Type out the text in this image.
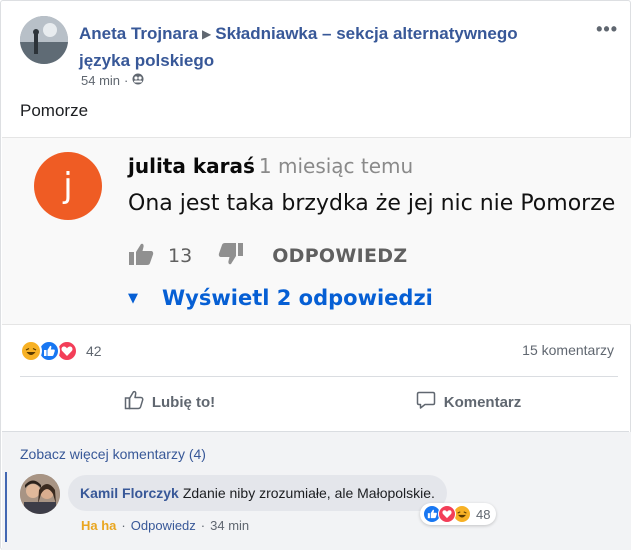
Aneta Trojnara ▶ Składniawka – sekcja alternatywnego języka polskiego
54 min ·
•••
Pomorze
j	julita karaś 1 miesiąc temu
Ona jest taka brzydka że jej nic nie Pomorze
13	ODPOWIEDZ
▼ Wyświetl 2 odpowiedzi
42	15 komentarzy
Lubię to!	Komentarz
Zobacz więcej komentarzy (4)
Kamil Florczyk Zdanie niby zrozumiałe, ale Małopolskie.
48
Ha ha · Odpowiedz · 34 min
